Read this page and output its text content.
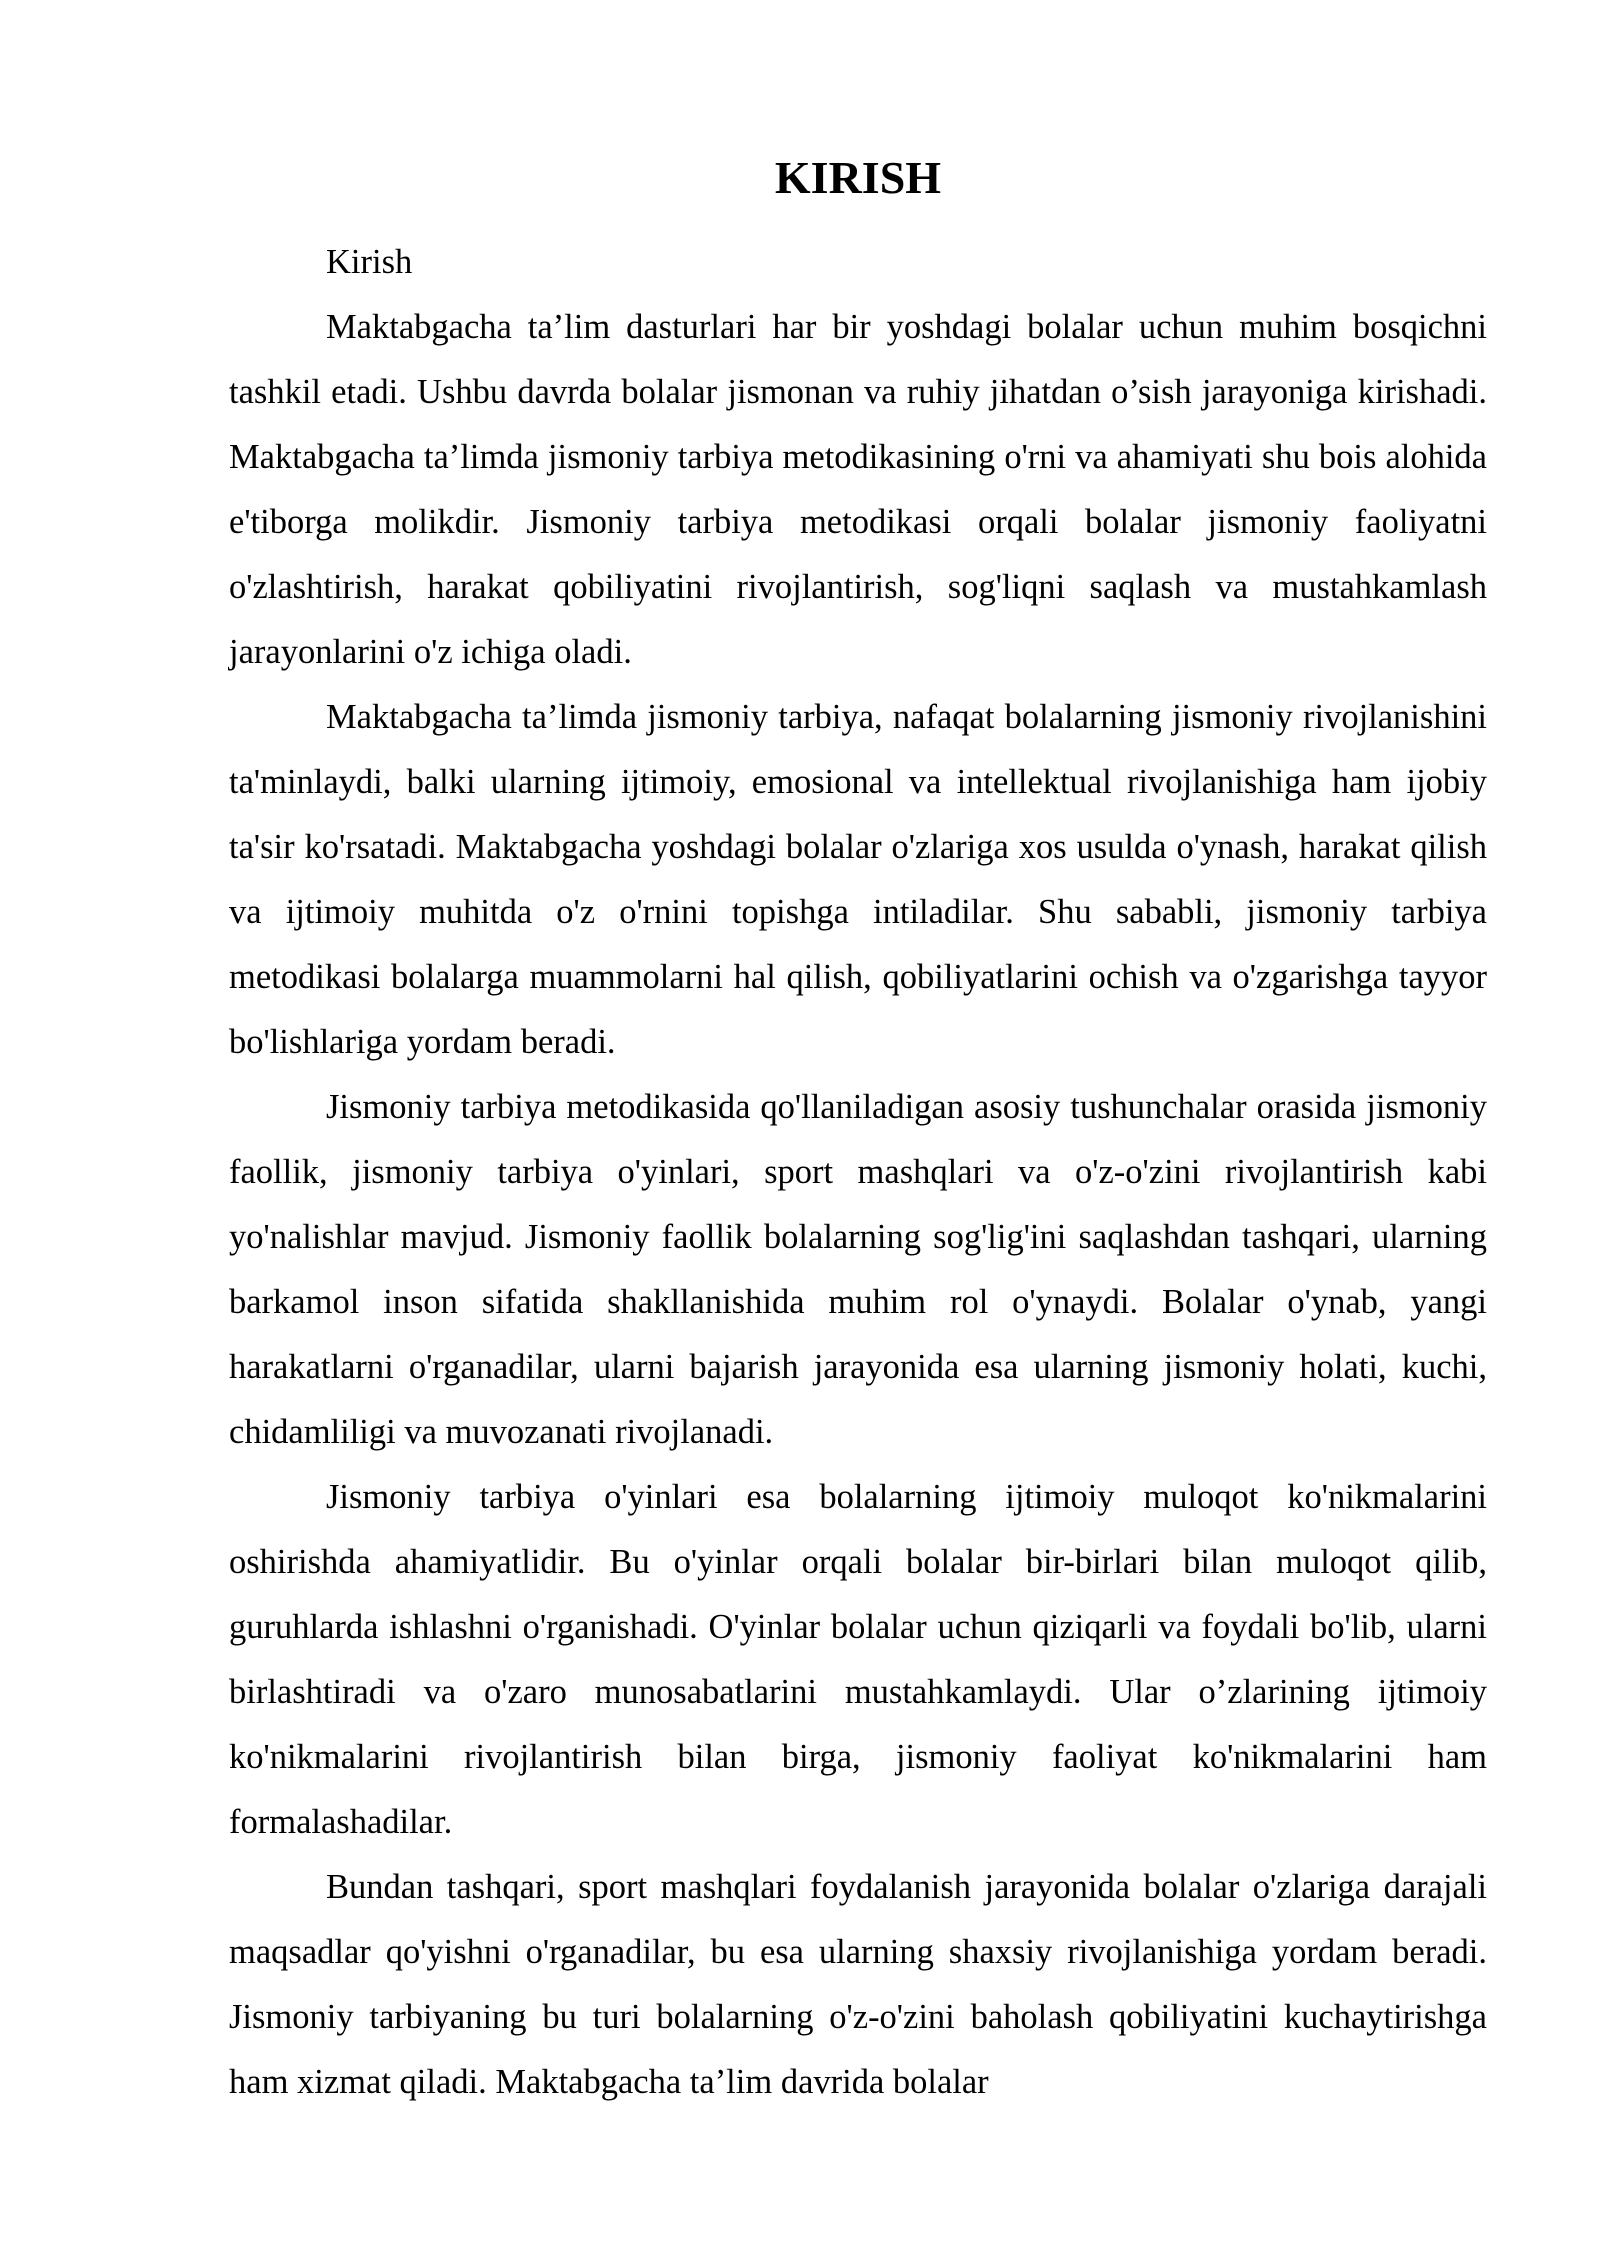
KIRISH

Kirish

Maktabgacha ta’lim dasturlari har bir yoshdagi bolalar uchun muhim bosqichni tashkil etadi. Ushbu davrda bolalar jismonan va ruhiy jihatdan o’sish jarayoniga kirishadi. Maktabgacha ta’limda jismoniy tarbiya metodikasining o'rni va ahamiyati shu bois alohida e'tiborga molikdir. Jismoniy tarbiya metodikasi orqali bolalar jismoniy faoliyatni o'zlashtirish, harakat qobiliyatini rivojlantirish, sog'liqni saqlash va mustahkamlash jarayonlarini o'z ichiga oladi.

Maktabgacha ta’limda jismoniy tarbiya, nafaqat bolalarning jismoniy rivojlanishini ta'minlaydi, balki ularning ijtimoiy, emosional va intellektual rivojlanishiga ham ijobiy ta'sir ko'rsatadi. Maktabgacha yoshdagi bolalar o'zlariga xos usulda o'ynash, harakat qilish va ijtimoiy muhitda o'z o'rnini topishga intiladilar. Shu sababli, jismoniy tarbiya metodikasi bolalarga muammolarni hal qilish, qobiliyatlarini ochish va o'zgarishga tayyor bo'lishlariga yordam beradi.

Jismoniy tarbiya metodikasida qo'llaniladigan asosiy tushunchalar orasida jismoniy faollik, jismoniy tarbiya o'yinlari, sport mashqlari va o'z-o'zini rivojlantirish kabi yo'nalishlar mavjud. Jismoniy faollik bolalarning sog'lig'ini saqlashdan tashqari, ularning barkamol inson sifatida shakllanishida muhim rol o'ynaydi. Bolalar o'ynab, yangi harakatlarni o'rganadilar, ularni bajarish jarayonida esa ularning jismoniy holati, kuchi, chidamliligi va muvozanati rivojlanadi.

Jismoniy tarbiya o'yinlari esa bolalarning ijtimoiy muloqot ko'nikmalarini oshirishda ahamiyatlidir. Bu o'yinlar orqali bolalar bir-birlari bilan muloqot qilib, guruhlarda ishlashni o'rganishadi. O'yinlar bolalar uchun qiziqarli va foydali bo'lib, ularni birlashtiradi va o'zaro munosabatlarini mustahkamlaydi. Ular o’zlarining ijtimoiy ko'nikmalarini rivojlantirish bilan birga, jismoniy faoliyat ko'nikmalarini ham formalashadilar.

Bundan tashqari, sport mashqlari foydalanish jarayonida bolalar o'zlariga darajali maqsadlar qo'yishni o'rganadilar, bu esa ularning shaxsiy rivojlanishiga yordam beradi. Jismoniy tarbiyaning bu turi bolalarning o'z-o'zini baholash qobiliyatini kuchaytirishga ham xizmat qiladi. Maktabgacha ta’lim davrida bolalar
